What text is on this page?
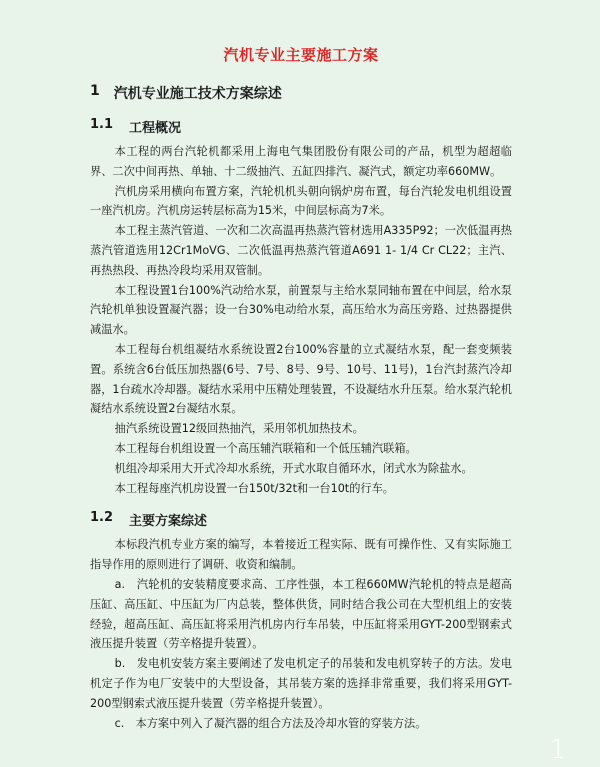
汽机专业主要施工方案
1 汽机专业施工技术方案综述
1.1 工程概况

本工程的两台汽轮机都采用上海电气集团股份有限公司的产品，机型为超超临界、二次中间再热、单轴、十二级抽汽、五缸四排汽、凝汽式，额定功率660MW。

汽机房采用横向布置方案，汽轮机机头朝向锅炉房布置，每台汽轮发电机组设置一座汽机房。汽机房运转层标高为15米，中间层标高为7米。

本工程主蒸汽管道、一次和二次高温再热蒸汽管材选用A335P92；一次低温再热蒸汽管道选用12Cr1MoVG、二次低温再热蒸汽管道A691 1- 1/4 Cr CL22；主汽、再热热段、再热冷段均采用双管制。

本工程设置1台100%汽动给水泵，前置泵与主给水泵同轴布置在中间层，给水泵汽轮机单独设置凝汽器；设一台30%电动给水泵，高压给水为高压旁路、过热器提供减温水。

本工程每台机组凝结水系统设置2台100%容量的立式凝结水泵，配一套变频装置。系统含6台低压加热器(6号、7号、8号、9号、10号、11号)，1台汽封蒸汽冷却器，1台疏水冷却器。凝结水采用中压精处理装置，不设凝结水升压泵。给水泵汽轮机凝结水系统设置2台凝结水泵。

抽汽系统设置12级回热抽汽，采用邻机加热技术。

本工程每台机组设置一个高压辅汽联箱和一个低压辅汽联箱。

机组冷却采用大开式冷却水系统，开式水取自循环水，闭式水为除盐水。

本工程每座汽机房设置一台150t/32t和一台10t的行车。

1.2 主要方案综述

本标段汽机专业方案的编写，本着接近工程实际、既有可操作性、又有实际施工指导作用的原则进行了调研、收资和编制。

a.　汽轮机的安装精度要求高、工序性强，本工程660MW汽轮机的特点是超高压缸、高压缸、中压缸为厂内总装，整体供货，同时结合我公司在大型机组上的安装经验，超高压缸、高压缸将采用汽机房内行车吊装，中压缸将采用GYT-200型钢索式液压提升装置（劳辛格提升装置）。

b.　发电机安装方案主要阐述了发电机定子的吊装和发电机穿转子的方法。发电机定子作为电厂安装中的大型设备，其吊装方案的选择非常重要，我们将采用GYT-200型钢索式液压提升装置（劳辛格提升装置）。

c.　本方案中列入了凝汽器的组合方法及冷却水管的穿装方法。

1
